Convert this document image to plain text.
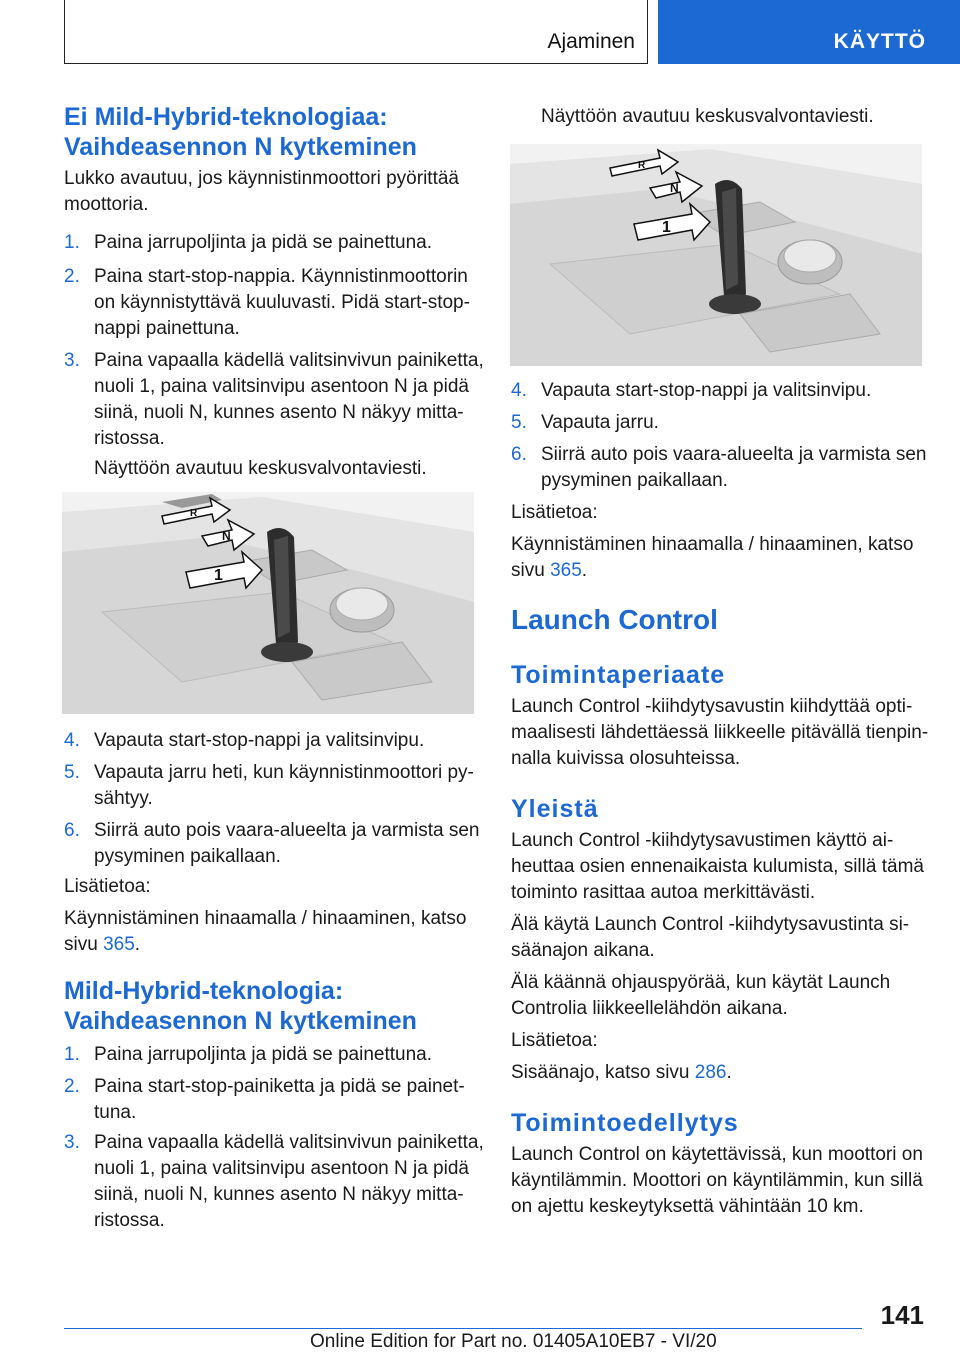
Ajaminen	KÄYTTÖ
Ei Mild-Hybrid-teknologiaa:
Vaihdeasennon N kytkeminen

Lukko avautuu, jos käynnistinmoottori pyörittää

moottoria.

1. Paina jarrupoljinta ja pidä se painettuna.
2. Paina start-stop-nappia. Käynnistinmoottorin
on käynnistyttävä kuuluvasti. Pidä start-stop-
nappi painettuna.
3. Paina vapaalla kädellä valitsinvivun painiketta,
nuoli 1, paina valitsinvipu asentoon N ja pidä
siinä, nuoli N, kunnes asento N näkyy mitta-
ristossa.
Näyttöön avautuu keskusvalvontaviesti.
R
N
1
4. Vapauta start-stop-nappi ja valitsinvipu.
5. Vapauta jarru heti, kun käynnistinmoottori py-
sähtyy.
6. Siirrä auto pois vaara-alueelta ja varmista sen
pysyminen paikallaan.

Lisätietoa:

Käynnistäminen hinaamalla / hinaaminen, katso

sivu 365.

Mild-Hybrid-teknologia:
Vaihdeasennon N kytkeminen
1. Paina jarrupoljinta ja pidä se painettuna.
2. Paina start-stop-painiketta ja pidä se painet-
tuna.
3. Paina vapaalla kädellä valitsinvivun painiketta,
nuoli 1, paina valitsinvipu asentoon N ja pidä
siinä, nuoli N, kunnes asento N näkyy mitta-
ristossa.
Näyttöön avautuu keskusvalvontaviesti.
R
N
1
4. Vapauta start-stop-nappi ja valitsinvipu.
5. Vapauta jarru.
6. Siirrä auto pois vaara-alueelta ja varmista sen
pysyminen paikallaan.

Lisätietoa:

Käynnistäminen hinaamalla / hinaaminen, katso

sivu 365.

Launch Control
Toimintaperiaate

Launch Control -kiihdytysavustin kiihdyttää opti-

maalisesti lähdettäessä liikkeelle pitävällä tienpin-

nalla kuivissa olosuhteissa.

Yleistä

Launch Control -kiihdytysavustimen käyttö ai-

heuttaa osien ennenaikaista kulumista, sillä tämä

toiminto rasittaa autoa merkittävästi.

Älä käytä Launch Control -kiihdytysavustinta si-

säänajon aikana.

Älä käännä ohjauspyörää, kun käytät Launch

Controlia liikkeellelähdön aikana.

Lisätietoa:

Sisäänajo, katso sivu 286.

Toimintoedellytys

Launch Control on käytettävissä, kun moottori on

käyntilämmin. Moottori on käyntilämmin, kun sillä

on ajettu keskeytyksettä vähintään 10 km.

141
Online Edition for Part no. 01405A10EB7 - VI/20
